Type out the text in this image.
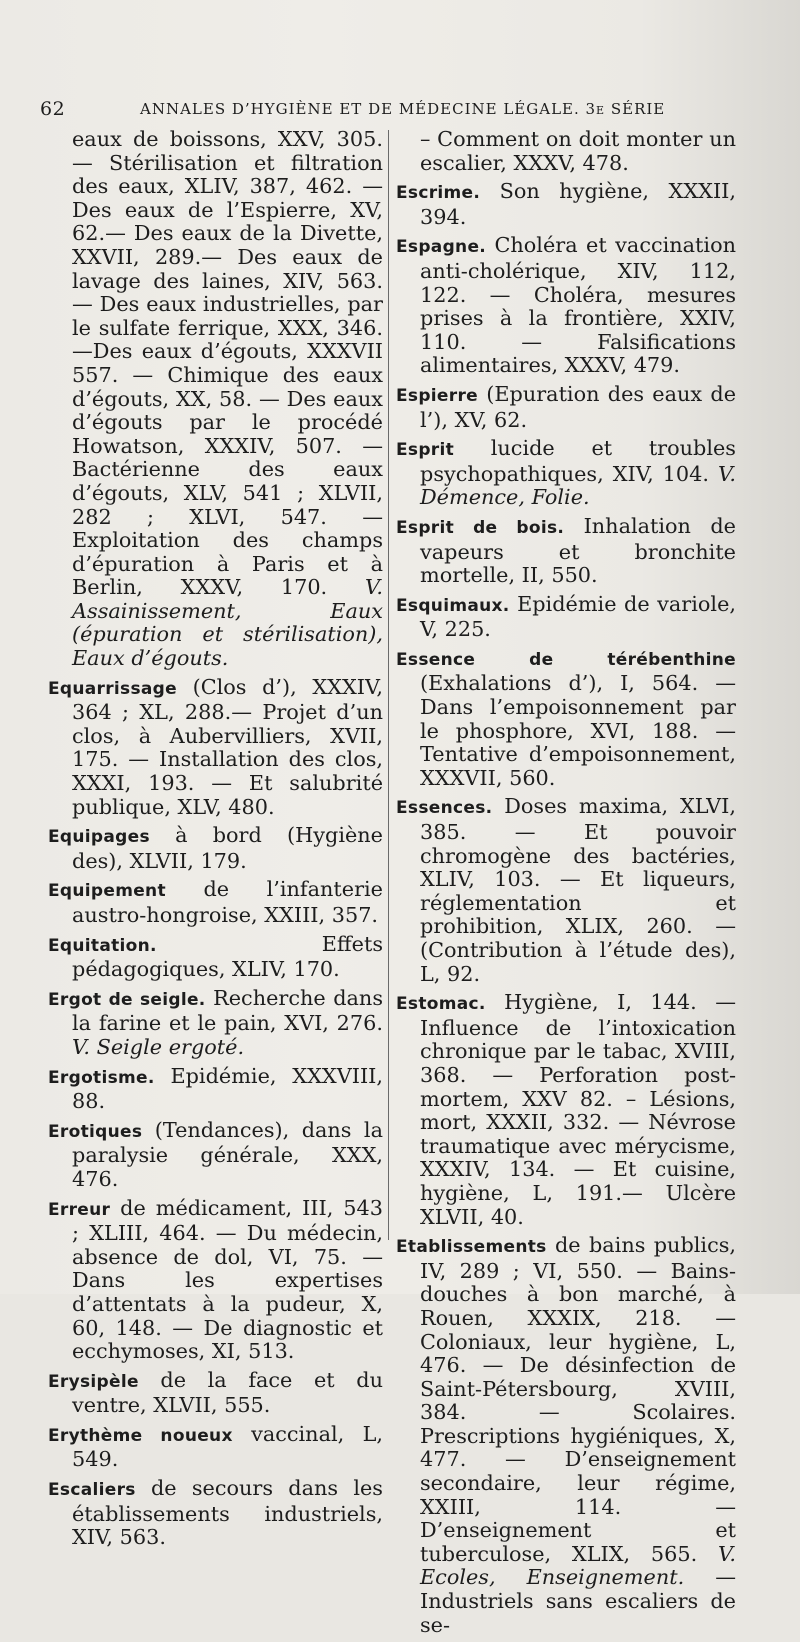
62	ANNALES D’HYGIÈNE ET DE MÉDECINE LÉGALE. 3e SÉRIE

eaux de boissons, XXV, 305. — Stérilisation et filtration des eaux, XLIV, 387, 462. — Des eaux de l’Espierre, XV, 62.— Des eaux de la Divette, XXVII, 289.— Des eaux de lavage des laines, XIV, 563. — Des eaux industrielles, par le sulfate ferrique, XXX, 346.—Des eaux d’égouts, XXXVII 557. — Chimique des eaux d’égouts, XX, 58. — Des eaux d’égouts par le procédé Howatson, XXXIV, 507. — Bactérienne des eaux d’égouts, XLV, 541 ; XLVII, 282 ; XLVI, 547. — Exploitation des champs d’épuration à Paris et à Berlin, XXXV, 170. V. Assainissement, Eaux (épuration et stérilisation), Eaux d’égouts.

Equarrissage (Clos d’), XXXIV, 364 ; XL, 288.— Projet d’un clos, à Aubervilliers, XVII, 175. — Installation des clos, XXXI, 193. — Et salubrité publique, XLV, 480.

Equipages à bord (Hygiène des), XLVII, 179.

Equipement de l’infanterie austro-hongroise, XXIII, 357.

Equitation.	Effets pédagogiques, XLIV, 170.

Ergot de seigle. Recherche dans la farine et le pain, XVI, 276. V. Seigle ergoté.

Ergotisme. Epidémie, XXXVIII, 88.

Erotiques (Tendances), dans la paralysie générale, XXX, 476.

Erreur de médicament, III, 543 ; XLIII, 464. — Du médecin, absence de dol, VI, 75. — Dans les expertises d’attentats à la pudeur, X, 60, 148. — De diagnostic et ecchymoses, XI, 513.

Erysipèle de la face et du ventre, XLVII, 555.

Erythème noueux vaccinal, L, 549.

Escaliers de secours dans les établissements industriels, XIV, 563.

– Comment on doit monter un escalier, XXXV, 478.

Escrime. Son hygiène, XXXII, 394.

Espagne. Choléra et vaccination anti-cholérique, XIV, 112, 122. — Choléra, mesures prises à la frontière, XXIV, 110. — Falsifications alimentaires, XXXV, 479.

Espierre (Epuration des eaux de l’), XV, 62.

Esprit lucide et troubles psychopathiques, XIV, 104. V. Démence, Folie.

Esprit de bois. Inhalation de vapeurs et bronchite mortelle, II, 550.

Esquimaux. Epidémie de variole, V, 225.

Essence de térébenthine (Exhalations d’), I, 564. — Dans l’empoisonnement par le phosphore, XVI, 188. — Tentative d’empoisonnement, XXXVII, 560.

Essences. Doses maxima, XLVI, 385. — Et pouvoir chromogène des bactéries, XLIV, 103. — Et liqueurs, réglementation et prohibition, XLIX, 260. — (Contribution à l’étude des), L, 92.

Estomac. Hygiène, I, 144. — Influence de l’intoxication chronique par le tabac, XVIII, 368. — Perforation post-mortem, XXV 82. – Lésions, mort, XXXII, 332. — Névrose traumatique avec mérycisme, XXXIV, 134. — Et cuisine, hygiène, L, 191.— Ulcère XLVII, 40.

Etablissements de bains publics, IV, 289 ; VI, 550. — Bains-douches à bon marché, à Rouen, XXXIX, 218. — Coloniaux, leur hygiène, L, 476. — De désinfection de Saint-Pétersbourg, XVIII, 384. — Scolaires. Prescriptions hygiéniques, X, 477. — D’enseignement secondaire, leur régime, XXIII, 114. — D’enseignement et tuberculose, XLIX, 565. V. Ecoles, Enseignement. — Industriels sans escaliers de se-
